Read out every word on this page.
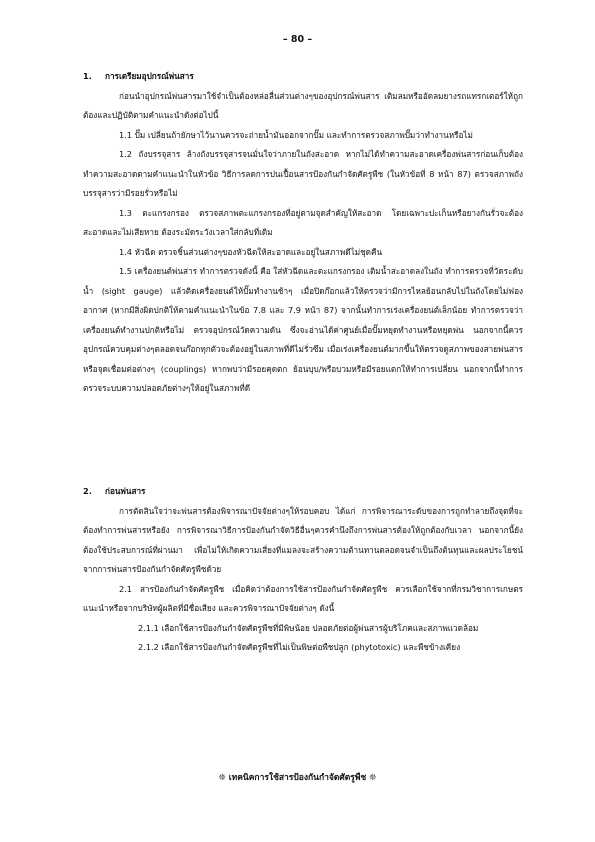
– 80 –
1. การเตรียมอุปกรณ์พ่นสาร

ก่อนนำอุปกรณ์พ่นสารมาใช้จำเป็นต้องหล่อลื่นส่วนต่างๆของอุปกรณ์พ่นสาร เติมลมหรืออัดลมยางรถแทรกเตอร์ให้ถูกต้องและปฏิบัติตามคำแนะนำดังต่อไปนี้

1.1 ปั๊ม เปลี่ยนถ้ายักษาไว้นานควรจะถ่ายน้ำมันออกจากปั๊ม และทำการตรวจสภาพปั๊มว่าทำงานหรือไม่

1.2 ถังบรรจุสาร ล้างถังบรรจุสารจนมั่นใจว่าภายในถังสะอาด หากไม่ได้ทำความสะอาดเครื่องพ่นสารก่อนเก็บต้องทำความสะอาดตามคำแนะนำในหัวข้อ วิธีการลดการปนเปื้อนสารป้องกันกำจัดศัตรูพืช (ในหัวข้อที่ 8 หน้า 87) ตรวจสภาพถังบรรจุสารว่ามีรอยรั่วหรือไม่

1.3 ตะแกรงกรอง ตรวจสภาพตะแกรงกรองที่อยู่ตามจุดสำคัญให้สะอาด โดยเฉพาะปะเก็นหรือยางกันรั่วจะต้องสะอาดและไม่เสียหาย ต้องระมัดระวังเวลาใส่กลับที่เดิม

1.4 หัวฉีด ตรวจชิ้นส่วนต่างๆของหัวฉีดให้สะอาดและอยู่ในสภาพดีไม่ชุดคืน

1.5 เครื่องยนต์พ่นสาร ทำการตรวจดังนี้ คือ ใส่หัวฉีดและตะแกรงกรอง เติมน้ำสะอาดลงในถัง ทำการตรวจที่วัดระดับน้ำ (sight gauge) แล้วติดเครื่องยนต์ให้ปั๊มทำงานช้าๆ เมื่อปิดก๊อกแล้วให้ตรวจว่ามีการไหลย้อนกลับไปในถังโดยไม่ฟองอากาศ (หากมีสิ่งผิดปกติให้ตามคำแนะนำในข้อ 7.8 และ 7.9 หน้า 87) จากนั้นทำการเร่งเครื่องยนต์เล็กน้อย ทำการตรวจว่าเครื่องยนต์ทำงานปกติหรือไม่ ตรวจอุปกรณ์วัดความดัน ซึ่งจะอ่านได้ค่าศูนย์เมื่อปั๊มหยุดทำงานหรือหยุดพ่น นอกจากนี้ควรอุปกรณ์ควบคุมต่างๆตลอดจนก๊อกทุกตัวจะต้องอยู่ในสภาพที่ดีไม่รั่วซึม เมื่อเร่งเครื่องยนต์มากขึ้นให้ตรวจดูสภาพของสายพ่นสารหรือจุดเชื่อมต่อต่างๆ (couplings) หากพบว่ามีรอยคุดตก ย้อนบุบ/พรือบวมหรือมีรอยแตกให้ทำการเปลี่ยน นอกจากนี้ทำการตรวจระบบความปลอดภัยต่างๆให้อยู่ในสภาพที่ดี

2. ก่อนพ่นสาร

การตัดสินใจว่าจะพ่นสารต้องพิจารณาปัจจัยต่างๆให้รอบคอบ ได้แก่ การพิจารณาระดับของการถูกทำลายถึงจุดที่จะต้องทำการพ่นสารหรือยัง การพิจารณาวิธีการป้องกันกำจัดวิธีอื่นๆควรคำนึงถึงการพ่นสารต้องให้ถูกต้องกับเวลา นอกจากนี้ยังต้องใช้ประสบการณ์ที่ผ่านมา เพื่อไม่ให้เกิดความเสี่ยงที่แมลงจะสร้างความต้านทานตลอดจนจำเป็นถึงต้นทุนและผลประโยชน์จากการพ่นสารป้องกันกำจัดศัตรูพืชด้วย

2.1 สารป้องกันกำจัดศัตรูพืช เมื่อคิดว่าต้องการใช้สารป้องกันกำจัดศัตรูพืช ควรเลือกใช้จากที่กรมวิชาการเกษตรแนะนำหรือจากบริษัทผู้ผลิตที่มีชื่อเสียง และควรพิจารณาปัจจัยต่างๆ ดังนี้

2.1.1 เลือกใช้สารป้องกันกำจัดศัตรูพืชที่มีพิษน้อย ปลอดภัยต่อผู้พ่นสารผู้บริโภคและสภาพแวดล้อม

2.1.2 เลือกใช้สารป้องกันกำจัดศัตรูพืชที่ไม่เป็นพิษต่อพืชปลูก (phytotoxic) และพืชข้างเคียง

❊ เทคนิคการใช้สารป้องกันกำจัดศัตรูพืช ❊
